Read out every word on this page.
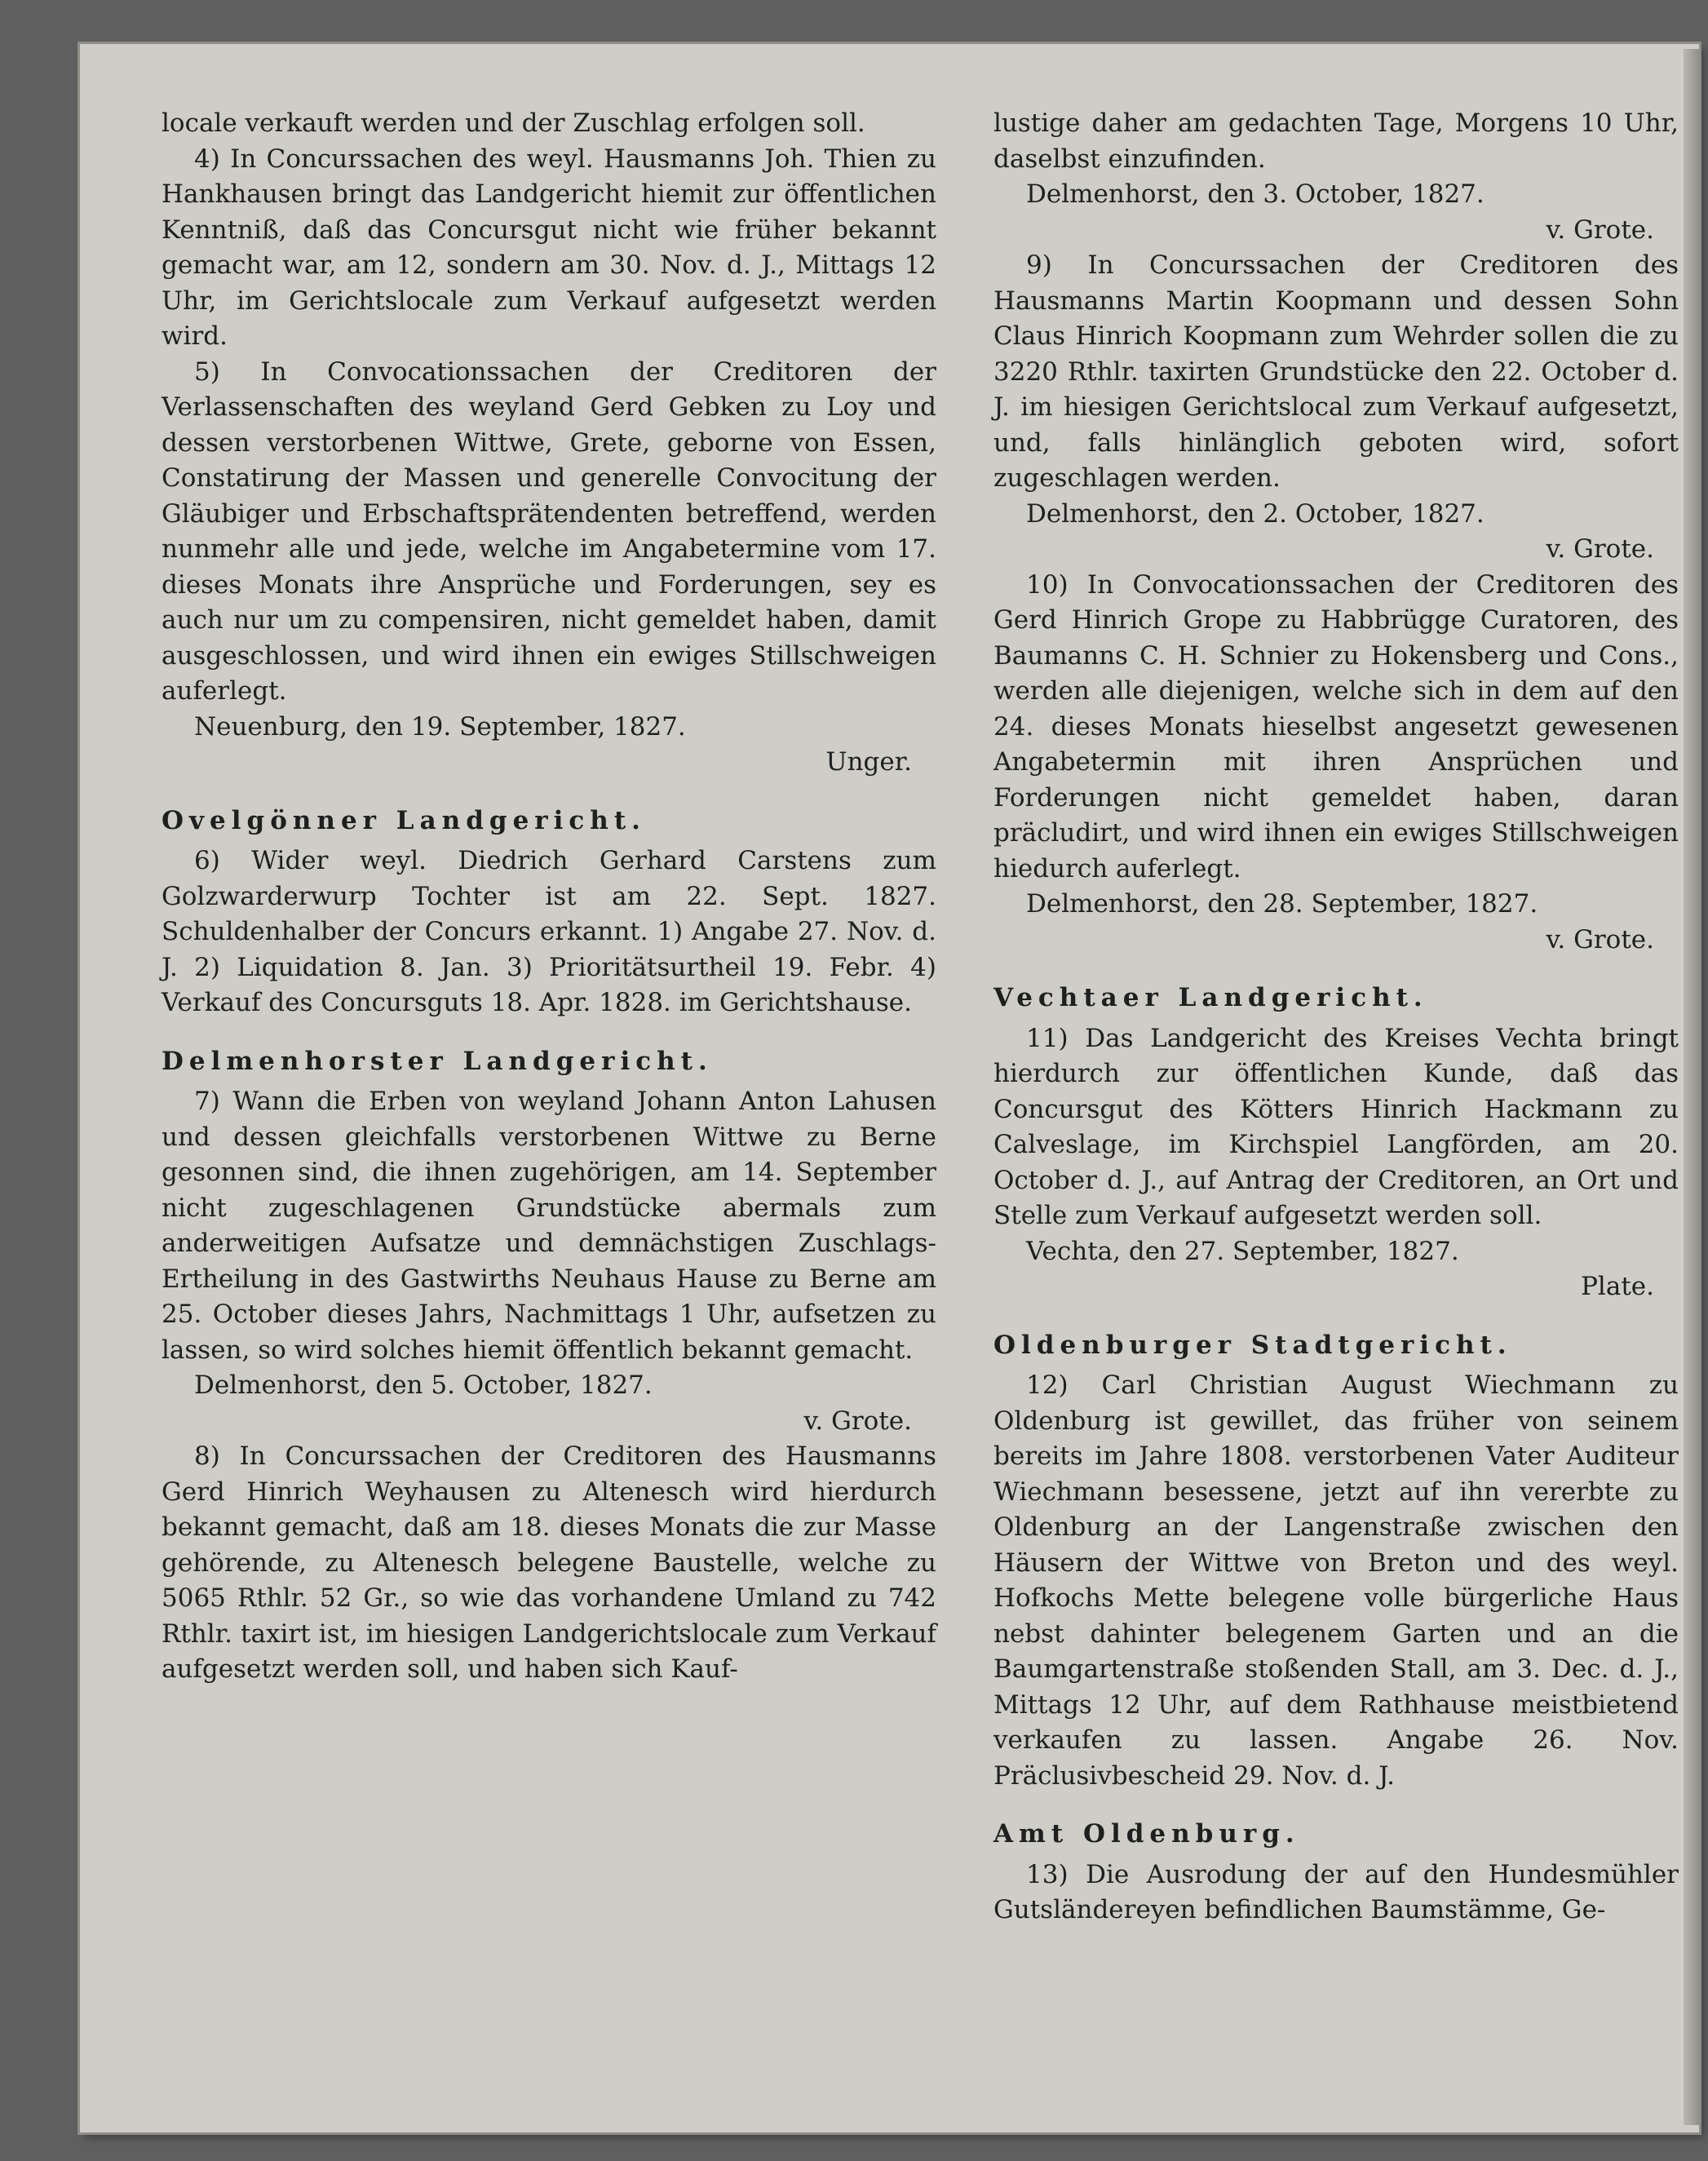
locale verkauft werden und der Zuschlag erfolgen soll.

4) In Concurssachen des weyl. Hausmanns Joh. Thien zu Hankhausen bringt das Landgericht hiemit zur öffentlichen Kenntniß, daß das Concursgut nicht wie früher bekannt gemacht war, am 12, sondern am 30. Nov. d. J., Mittags 12 Uhr, im Gerichtslocale zum Verkauf aufgesetzt werden wird.

5) In Convocationssachen der Creditoren der Verlassenschaften des weyland Gerd Gebken zu Loy und dessen verstorbenen Wittwe, Grete, geborne von Essen, Constatirung der Massen und generelle Convocitung der Gläubiger und Erbschaftsprätendenten betreffend, werden nunmehr alle und jede, welche im Angabetermine vom 17. dieses Monats ihre Ansprüche und Forderungen, sey es auch nur um zu compensiren, nicht gemeldet haben, damit ausgeschlossen, und wird ihnen ein ewiges Stillschweigen auferlegt.

Neuenburg, den 19. September, 1827.

Unger.

Ovelgönner Landgericht.

6) Wider weyl. Diedrich Gerhard Carstens zum Golzwarderwurp Tochter ist am 22. Sept. 1827. Schuldenhalber der Concurs erkannt. 1) Angabe 27. Nov. d. J. 2) Liquidation 8. Jan. 3) Prioritätsurtheil 19. Febr. 4) Verkauf des Concursguts 18. Apr. 1828. im Gerichtshause.

Delmenhorster Landgericht.

7) Wann die Erben von weyland Johann Anton Lahusen und dessen gleichfalls verstorbenen Wittwe zu Berne gesonnen sind, die ihnen zugehörigen, am 14. September nicht zugeschlagenen Grundstücke abermals zum anderweitigen Aufsatze und demnächstigen Zuschlags-Ertheilung in des Gastwirths Neuhaus Hause zu Berne am 25. October dieses Jahrs, Nachmittags 1 Uhr, aufsetzen zu lassen, so wird solches hiemit öffentlich bekannt gemacht.

Delmenhorst, den 5. October, 1827.

v. Grote.

8) In Concurssachen der Creditoren des Hausmanns Gerd Hinrich Weyhausen zu Altenesch wird hierdurch bekannt gemacht, daß am 18. dieses Monats die zur Masse gehörende, zu Altenesch belegene Baustelle, welche zu 5065 Rthlr. 52 Gr., so wie das vorhandene Umland zu 742 Rthlr. taxirt ist, im hiesigen Landgerichtslocale zum Verkauf aufgesetzt werden soll, und haben sich Kauf-

lustige daher am gedachten Tage, Morgens 10 Uhr, daselbst einzufinden.

Delmenhorst, den 3. October, 1827.

v. Grote.

9) In Concurssachen der Creditoren des Hausmanns Martin Koopmann und dessen Sohn Claus Hinrich Koopmann zum Wehrder sollen die zu 3220 Rthlr. taxirten Grundstücke den 22. October d. J. im hiesigen Gerichtslocal zum Verkauf aufgesetzt, und, falls hinlänglich geboten wird, sofort zugeschlagen werden.

Delmenhorst, den 2. October, 1827.

v. Grote.

10) In Convocationssachen der Creditoren des Gerd Hinrich Grope zu Habbrügge Curatoren, des Baumanns C. H. Schnier zu Hokensberg und Cons., werden alle diejenigen, welche sich in dem auf den 24. dieses Monats hieselbst angesetzt gewesenen Angabetermin mit ihren Ansprüchen und Forderungen nicht gemeldet haben, daran präcludirt, und wird ihnen ein ewiges Stillschweigen hiedurch auferlegt.

Delmenhorst, den 28. September, 1827.

v. Grote.

Vechtaer Landgericht.

11) Das Landgericht des Kreises Vechta bringt hierdurch zur öffentlichen Kunde, daß das Concursgut des Kötters Hinrich Hackmann zu Calveslage, im Kirchspiel Langförden, am 20. October d. J., auf Antrag der Creditoren, an Ort und Stelle zum Verkauf aufgesetzt werden soll.

Vechta, den 27. September, 1827.

Plate.

Oldenburger Stadtgericht.

12) Carl Christian August Wiechmann zu Oldenburg ist gewillet, das früher von seinem bereits im Jahre 1808. verstorbenen Vater Auditeur Wiechmann besessene, jetzt auf ihn vererbte zu Oldenburg an der Langenstraße zwischen den Häusern der Wittwe von Breton und des weyl. Hofkochs Mette belegene volle bürgerliche Haus nebst dahinter belegenem Garten und an die Baumgartenstraße stoßenden Stall, am 3. Dec. d. J., Mittags 12 Uhr, auf dem Rathhause meistbietend verkaufen zu lassen. Angabe 26. Nov. Präclusivbescheid 29. Nov. d. J.

Amt Oldenburg.

13) Die Ausrodung der auf den Hundesmühler Gutsländereyen befindlichen Baumstämme, Ge-
